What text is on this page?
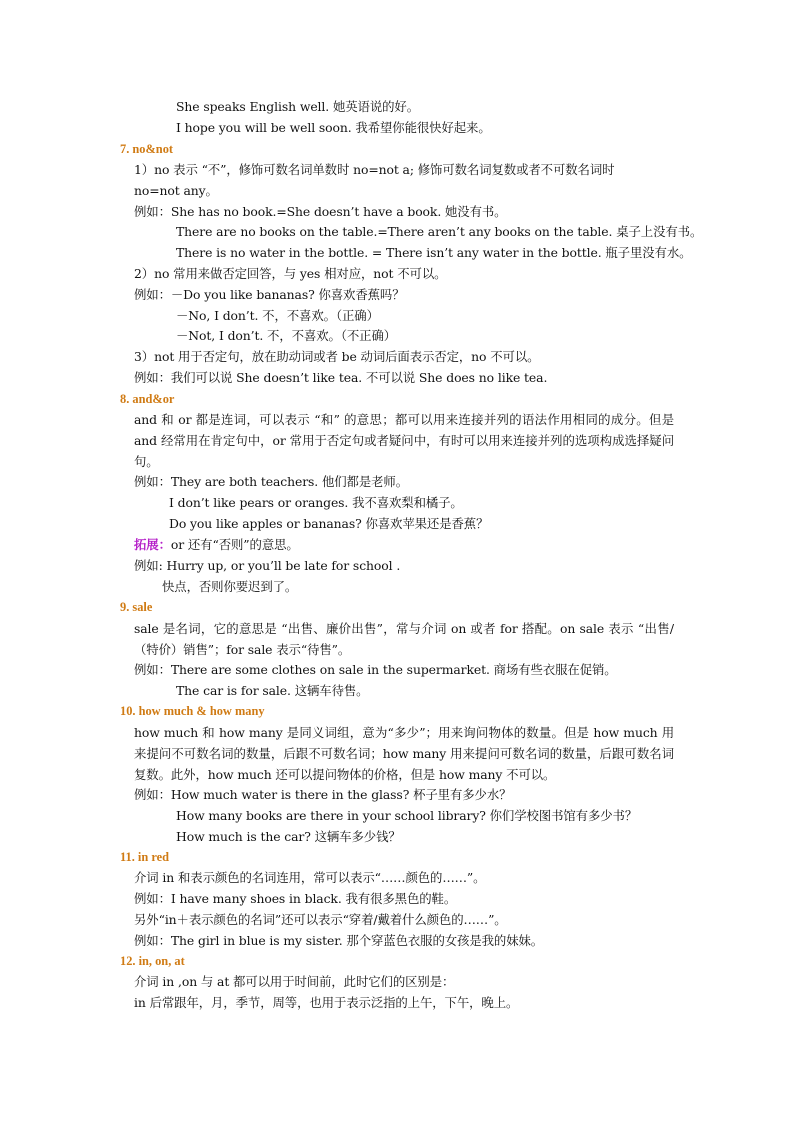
She speaks English well. 她英语说的好。
I hope you will be well soon. 我希望你能很快好起来。
7. no&not
1）no 表示 “不”，修饰可数名词单数时 no=not a; 修饰可数名词复数或者不可数名词时
no=not any。
例如：She has no book.=She doesn’t have a book. 她没有书。
There are no books on the table.=There aren’t any books on the table. 桌子上没有书。
There is no water in the bottle. = There isn’t any water in the bottle. 瓶子里没有水。
2）no 常用来做否定回答，与 yes 相对应，not 不可以。
例如：－Do you like bananas? 你喜欢香蕉吗？
－No, I don’t. 不，不喜欢。（正确）
－Not, I don’t. 不，不喜欢。（不正确）
3）not 用于否定句，放在助动词或者 be 动词后面表示否定，no 不可以。
例如：我们可以说 She doesn’t like tea. 不可以说 She does no like tea.
8. and&or
and 和 or 都是连词，可以表示 “和” 的意思；都可以用来连接并列的语法作用相同的成分。但是 and 经常用在肯定句中，or 常用于否定句或者疑问中，有时可以用来连接并列的选项构成选择疑问句。
例如：They are both teachers. 他们都是老师。
I don’t like pears or oranges. 我不喜欢梨和橘子。
Do you like apples or bananas? 你喜欢苹果还是香蕉？
拓展：or 还有“否则”的意思。
例如: Hurry up, or you’ll be late for school .
快点，否则你要迟到了。
9. sale
sale 是名词，它的意思是 “出售、廉价出售”，常与介词 on 或者 for 搭配。on sale 表示 “出售/（特价）销售”；for sale 表示“待售”。
例如：There are some clothes on sale in the supermarket. 商场有些衣服在促销。
The car is for sale. 这辆车待售。
10. how much & how many
how much 和 how many 是同义词组，意为“多少”；用来询问物体的数量。但是 how much 用来提问不可数名词的数量，后跟不可数名词；how many 用来提问可数名词的数量，后跟可数名词复数。此外，how much 还可以提问物体的价格，但是 how many 不可以。
例如：How much water is there in the glass? 杯子里有多少水？
How many books are there in your school library? 你们学校图书馆有多少书？
How much is the car? 这辆车多少钱？
11. in red
介词 in 和表示颜色的名词连用，常可以表示“……颜色的……”。
例如：I have many shoes in black. 我有很多黑色的鞋。
另外“in＋表示颜色的名词”还可以表示“穿着/戴着什么颜色的……”。
例如：The girl in blue is my sister. 那个穿蓝色衣服的女孩是我的妹妹。
12. in, on, at
介词 in ,on 与 at 都可以用于时间前，此时它们的区别是：
in 后常跟年，月，季节，周等，也用于表示泛指的上午，下午，晚上。
